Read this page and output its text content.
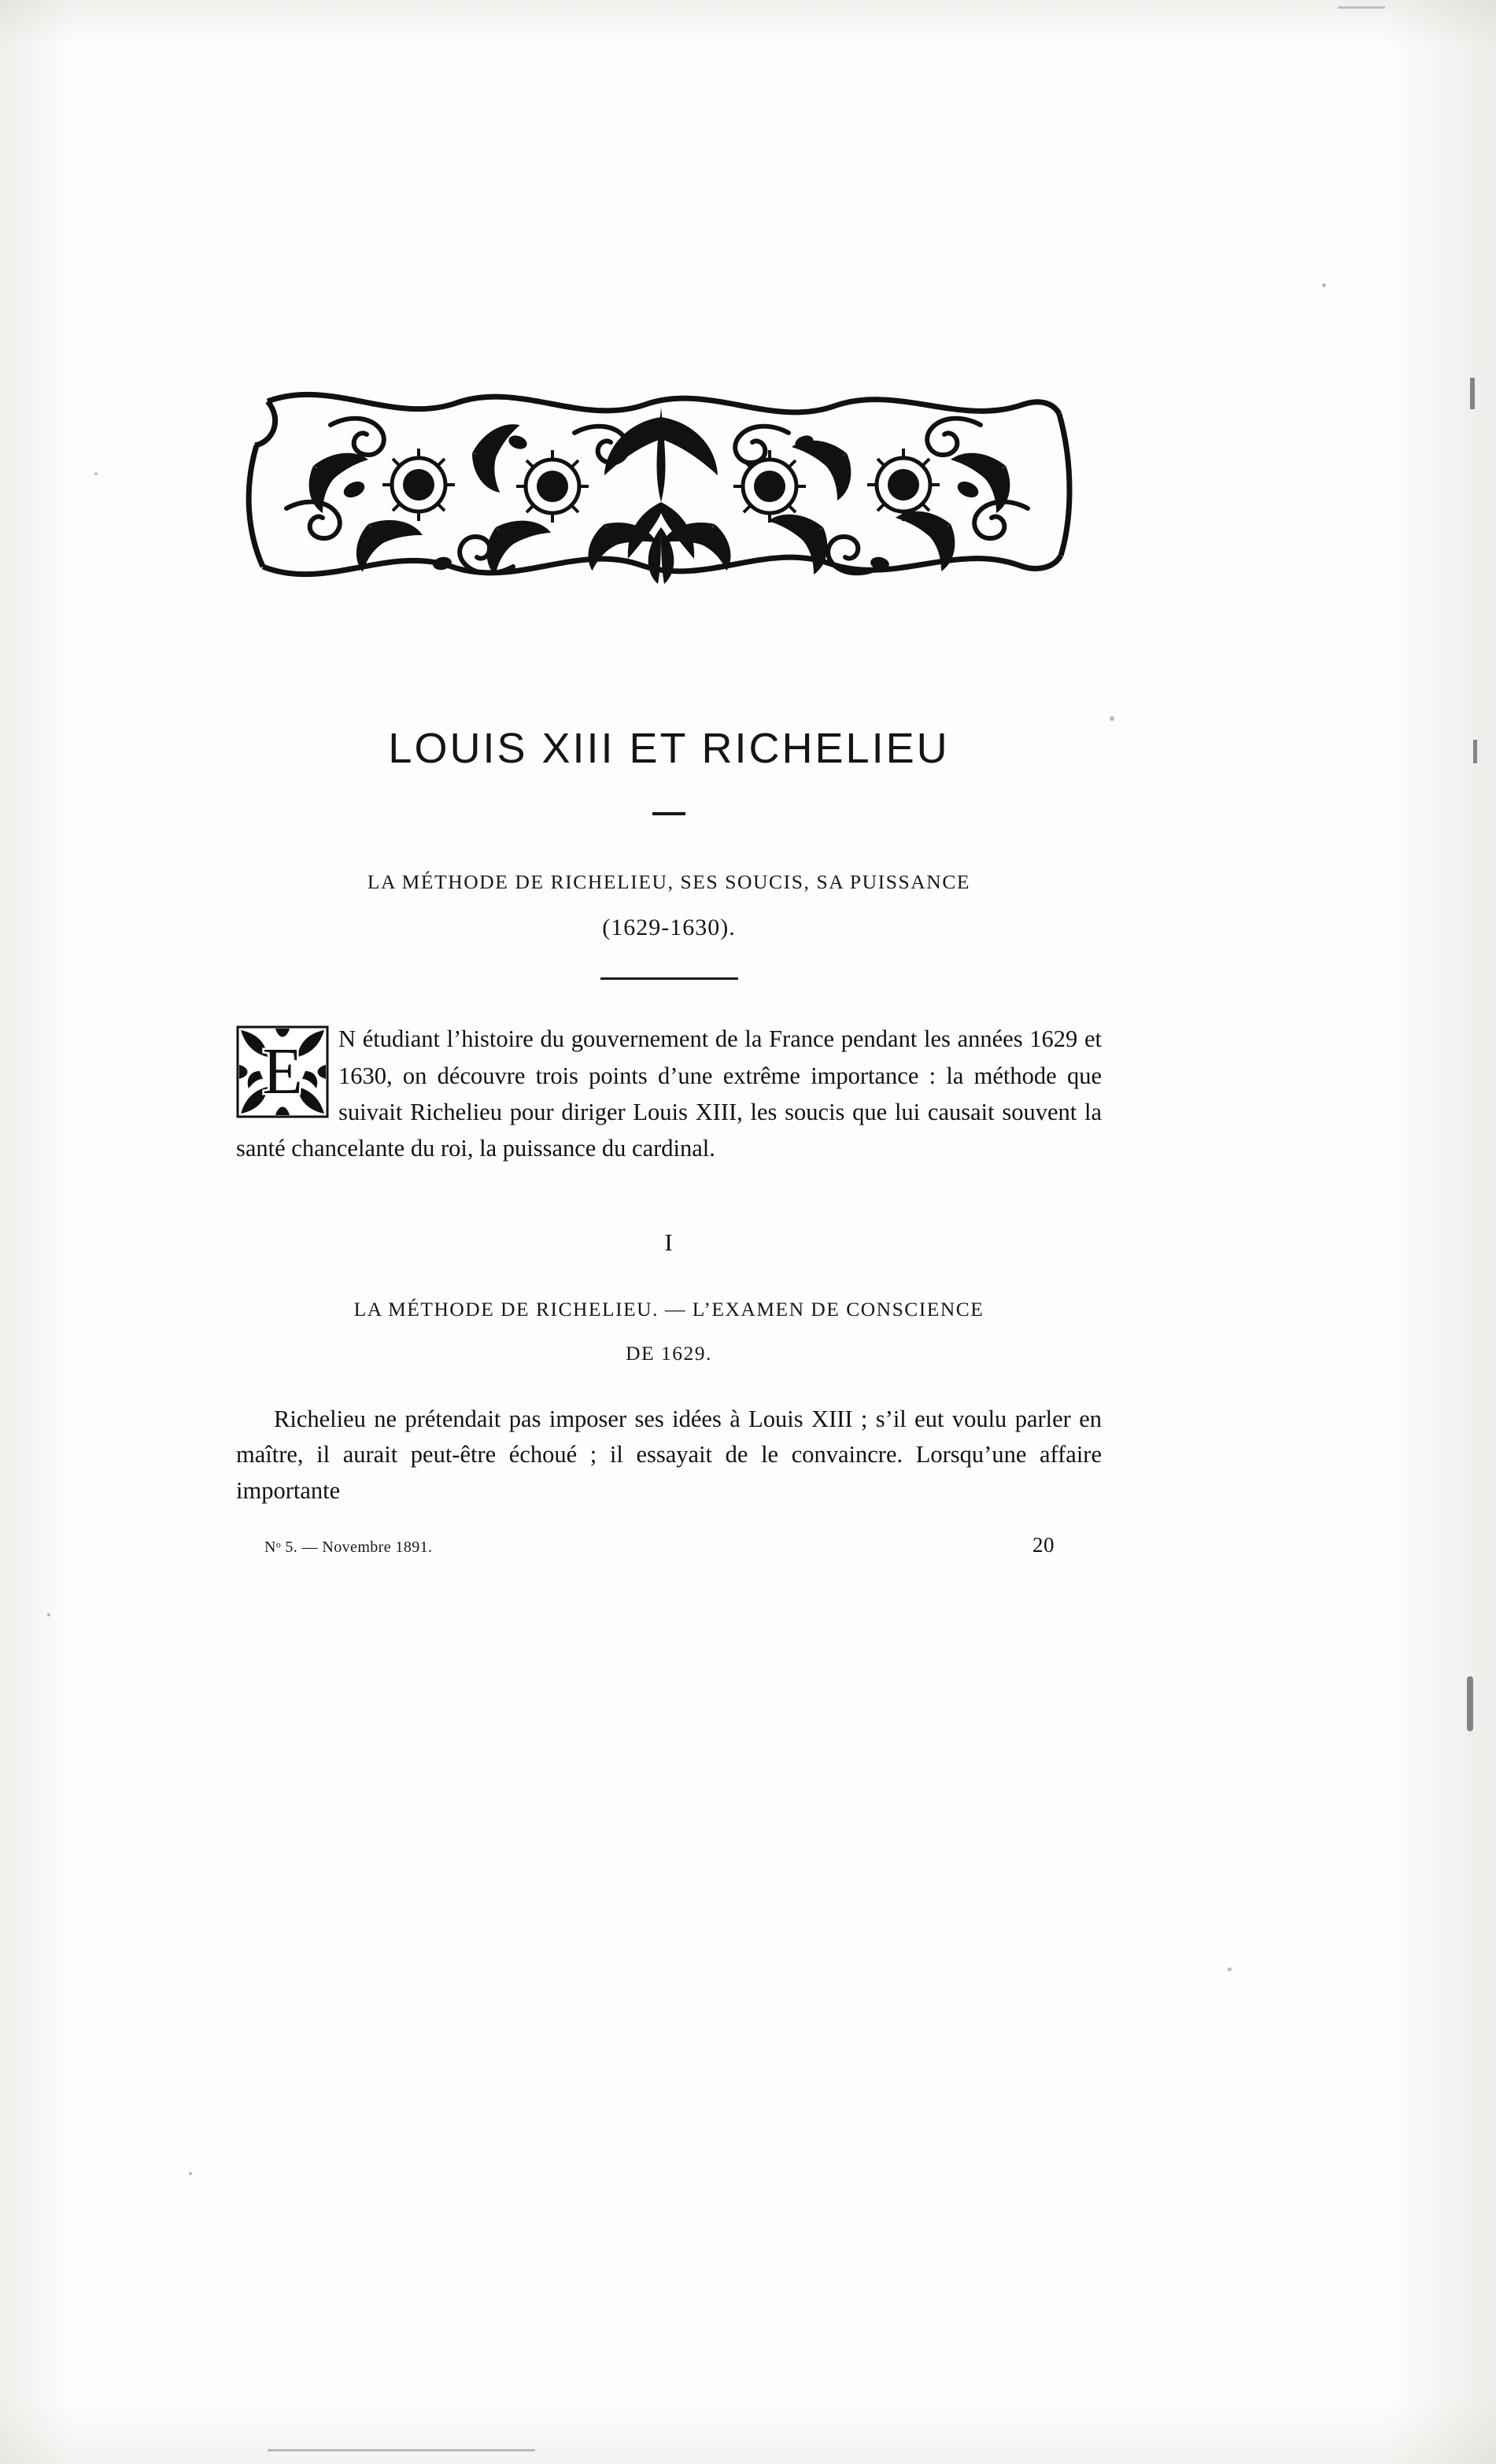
LOUIS XIII ET RICHELIEU
LA MÉTHODE DE RICHELIEU, SES SOUCIS, SA PUISSANCE
(1629-1630).
E	N étudiant l’histoire du gouvernement de la France pendant les années 1629 et 1630, on découvre trois points d’une extrême importance : la méthode que suivait Richelieu pour diriger Louis XIII, les soucis que lui causait souvent la santé chancelante du roi, la puissance du cardinal.

I
LA MÉTHODE DE RICHELIEU. — L’EXAMEN DE CONSCIENCE
DE 1629.

Richelieu ne prétendait pas imposer ses idées à Louis XIII ; s’il eut voulu parler en maître, il aurait peut-être échoué ; il essayait de le convaincre. Lorsqu’une affaire importante

Nᵒ 5. — Novembre 1891.	20
